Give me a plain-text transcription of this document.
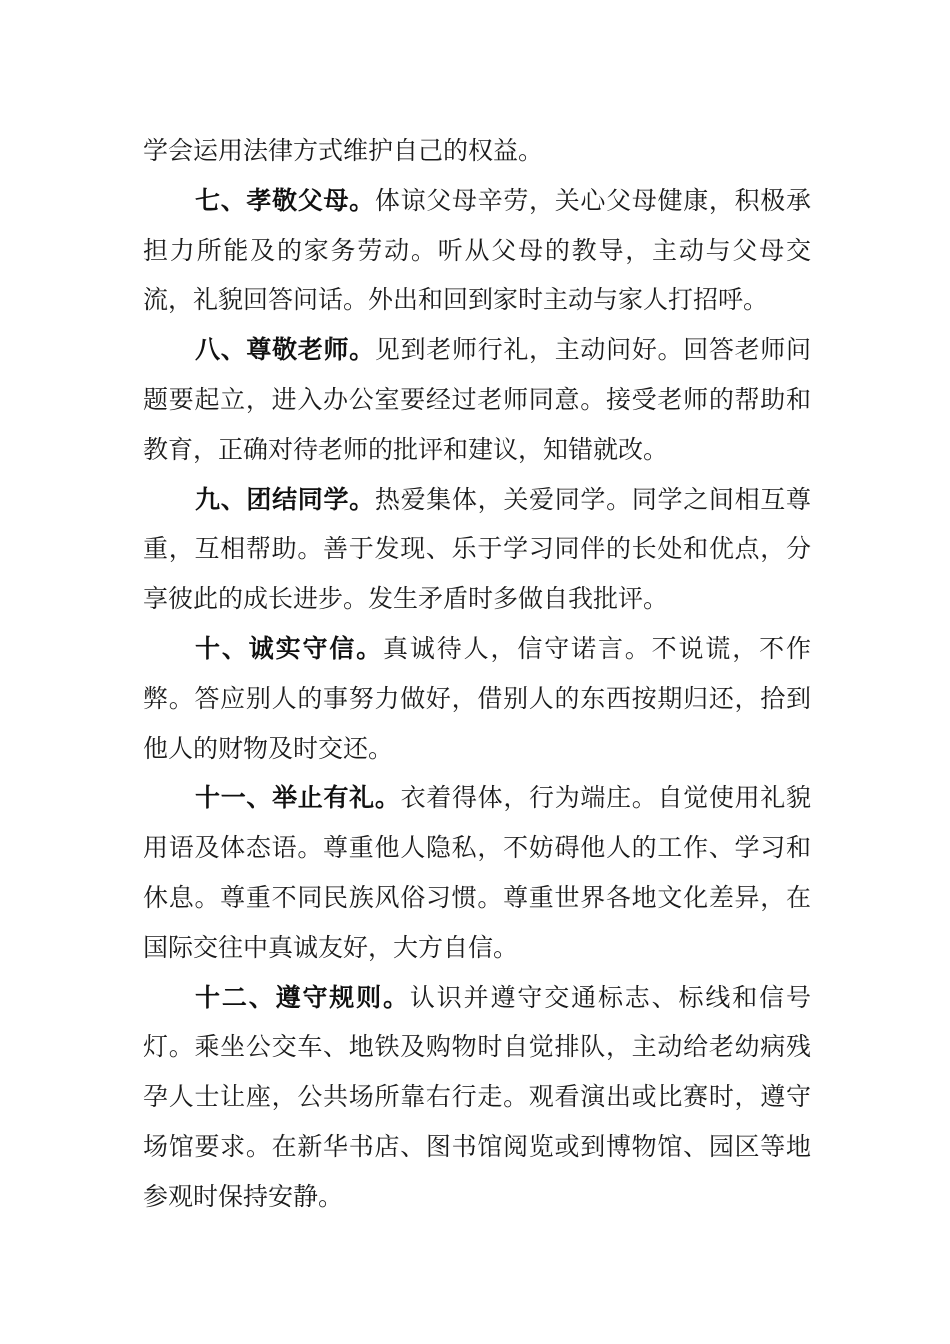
学会运用法律方式维护自己的权益。

七、孝敬父母。体谅父母辛劳，关心父母健康，积极承担力所能及的家务劳动。听从父母的教导，主动与父母交流，礼貌回答问话。外出和回到家时主动与家人打招呼。

八、尊敬老师。见到老师行礼，主动问好。回答老师问题要起立，进入办公室要经过老师同意。接受老师的帮助和教育，正确对待老师的批评和建议，知错就改。

九、团结同学。热爱集体，关爱同学。同学之间相互尊重，互相帮助。善于发现、乐于学习同伴的长处和优点，分享彼此的成长进步。发生矛盾时多做自我批评。

十、诚实守信。真诚待人，信守诺言。不说谎，不作弊。答应别人的事努力做好，借别人的东西按期归还，拾到他人的财物及时交还。

十一、举止有礼。衣着得体，行为端庄。自觉使用礼貌用语及体态语。尊重他人隐私，不妨碍他人的工作、学习和休息。尊重不同民族风俗习惯。尊重世界各地文化差异，在国际交往中真诚友好，大方自信。

十二、遵守规则。认识并遵守交通标志、标线和信号灯。乘坐公交车、地铁及购物时自觉排队，主动给老幼病残孕人士让座，公共场所靠右行走。观看演出或比赛时，遵守场馆要求。在新华书店、图书馆阅览或到博物馆、园区等地参观时保持安静。
